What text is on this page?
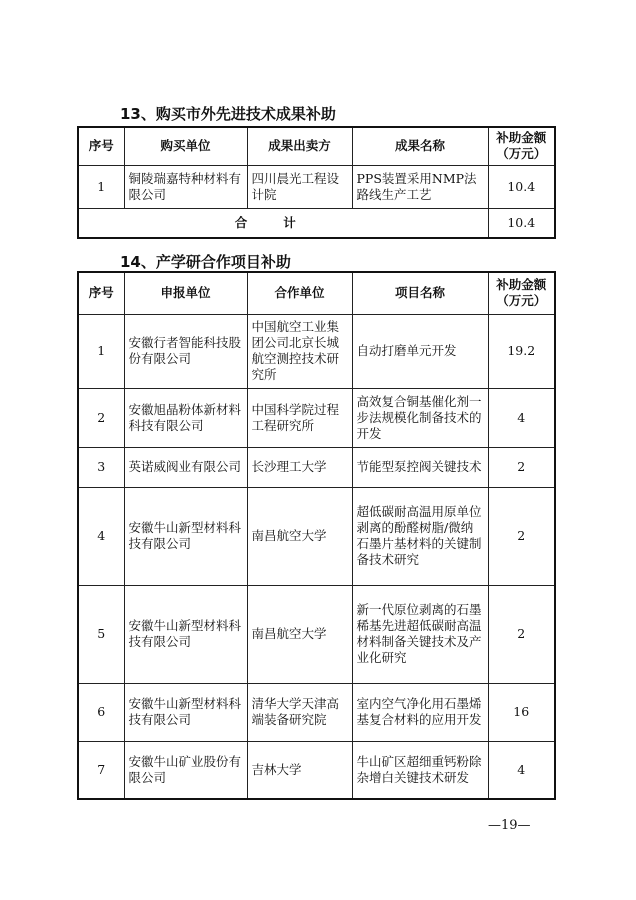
13、购买市外先进技术成果补助
序号	购买单位	成果出卖方	成果名称	补助金额（万元）
1	铜陵瑞嘉特种材料有限公司	四川晨光工程设计院	PPS装置采用NMP法路线生产工艺	10.4
合计				10.4
14、产学研合作项目补助
序号	申报单位	合作单位	项目名称	补助金额（万元）
1	安徽行者智能科技股份有限公司	中国航空工业集团公司北京长城航空测控技术研究所	自动打磨单元开发	19.2
2	安徽旭晶粉体新材料科技有限公司	中国科学院过程工程研究所	高效复合铜基催化剂一步法规模化制备技术的开发	4
3	英诺威阀业有限公司	长沙理工大学	节能型泵控阀关键技术	2
4	安徽牛山新型材料科技有限公司	南昌航空大学	超低碳耐高温用原单位剥离的酚醛树脂/微纳石墨片基材料的关键制备技术研究	2
5	安徽牛山新型材料科技有限公司	南昌航空大学	新一代原位剥离的石墨稀基先进超低碳耐高温材料制备关键技术及产业化研究	2
6	安徽牛山新型材料科技有限公司	清华大学天津高端装备研究院	室内空气净化用石墨烯基复合材料的应用开发	16
7	安徽牛山矿业股份有限公司	吉林大学	牛山矿区超细重钙粉除杂增白关键技术研发	4
—19—
